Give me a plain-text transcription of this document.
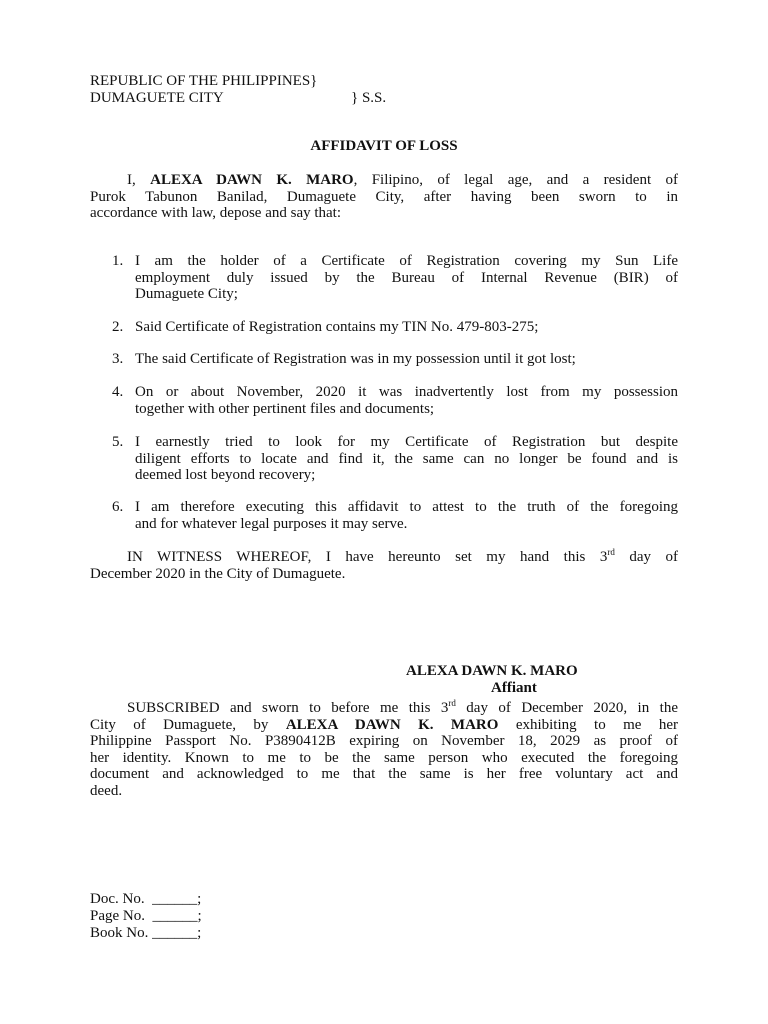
REPUBLIC OF THE PHILIPPINES}
DUMAGUETE CITY	} S.S.
AFFIDAVIT OF LOSS
I, ALEXA DAWN K. MARO, Filipino, of legal age, and a resident of
Purok Tabunon Banilad, Dumaguete City, after having been sworn to in
accordance with law, depose and say that:
1. I am the holder of a Certificate of Registration covering my Sun Life
employment duly issued by the Bureau of Internal Revenue (BIR) of
Dumaguete City;
2. Said Certificate of Registration contains my TIN No. 479-803-275;
3. The said Certificate of Registration was in my possession until it got lost;
4. On or about November, 2020 it was inadvertently lost from my possession
together with other pertinent files and documents;
5. I earnestly tried to look for my Certificate of Registration but despite
diligent efforts to locate and find it, the same can no longer be found and is
deemed lost beyond recovery;
6. I am therefore executing this affidavit to attest to the truth of the foregoing
and for whatever legal purposes it may serve.
IN WITNESS WHEREOF, I have hereunto set my hand this 3rd day of
December 2020 in the City of Dumaguete.
ALEXA DAWN K. MARO
Affiant
SUBSCRIBED and sworn to before me this 3rd day of December 2020, in the
City of Dumaguete, by ALEXA DAWN K. MARO exhibiting to me her
Philippine Passport No. P3890412B expiring on November 18, 2029 as proof of
her identity. Known to me to be the same person who executed the foregoing
document and acknowledged to me that the same is her free voluntary act and
deed.
Doc. No.  ______;
Page No.  ______;
Book No. ______;
